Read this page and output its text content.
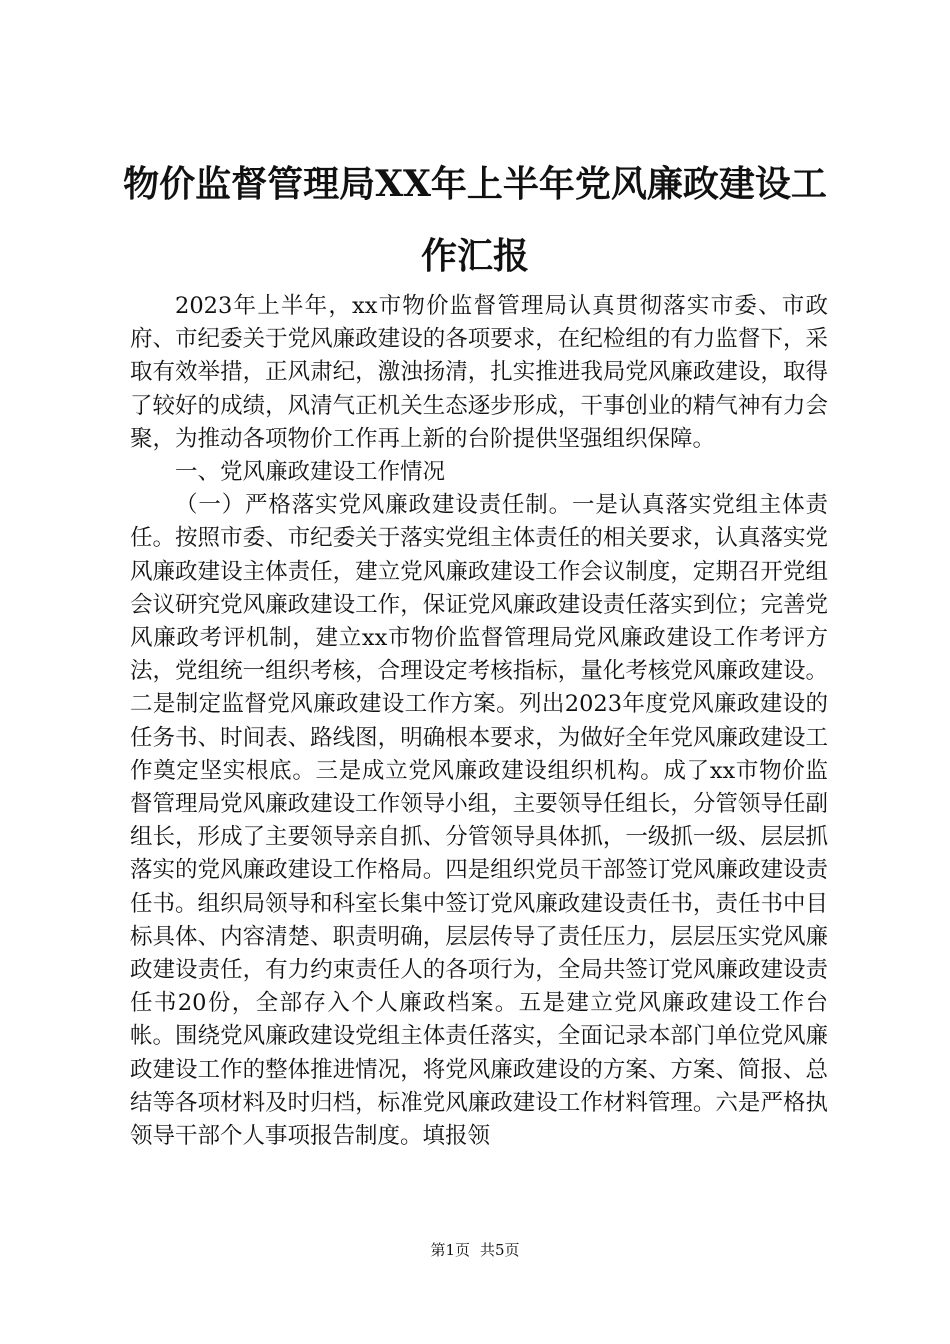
物价监督管理局XX年上半年党风廉政建设工
作汇报

2023年上半年，xx市物价监督管理局认真贯彻落实市委、市政府、市纪委关于党风廉政建设的各项要求，在纪检组的有力监督下，采取有效举措，正风肃纪，激浊扬清，扎实推进我局党风廉政建设，取得了较好的成绩，风清气正机关生态逐步形成，干事创业的精气神有力会聚，为推动各项物价工作再上新的台阶提供坚强组织保障。

一、党风廉政建设工作情况

（一）严格落实党风廉政建设责任制。一是认真落实党组主体责任。按照市委、市纪委关于落实党组主体责任的相关要求，认真落实党风廉政建设主体责任，建立党风廉政建设工作会议制度，定期召开党组会议研究党风廉政建设工作，保证党风廉政建设责任落实到位；完善党风廉政考评机制，建立xx市物价监督管理局党风廉政建设工作考评方法，党组统一组织考核，合理设定考核指标，量化考核党风廉政建设。二是制定监督党风廉政建设工作方案。列出2023年度党风廉政建设的任务书、时间表、路线图，明确根本要求，为做好全年党风廉政建设工作奠定坚实根底。三是成立党风廉政建设组织机构。成了xx市物价监督管理局党风廉政建设工作领导小组，主要领导任组长，分管领导任副组长，形成了主要领导亲自抓、分管领导具体抓，一级抓一级、层层抓落实的党风廉政建设工作格局。四是组织党员干部签订党风廉政建设责任书。组织局领导和科室长集中签订党风廉政建设责任书，责任书中目标具体、内容清楚、职责明确，层层传导了责任压力，层层压实党风廉政建设责任，有力约束责任人的各项行为，全局共签订党风廉政建设责任书20份，全部存入个人廉政档案。五是建立党风廉政建设工作台帐。围绕党风廉政建设党组主体责任落实，全面记录本部门单位党风廉政建设工作的整体推进情况，将党风廉政建设的方案、方案、简报、总结等各项材料及时归档，标准党风廉政建设工作材料管理。六是严格执领导干部个人事项报告制度。填报领

第1页 共5页
